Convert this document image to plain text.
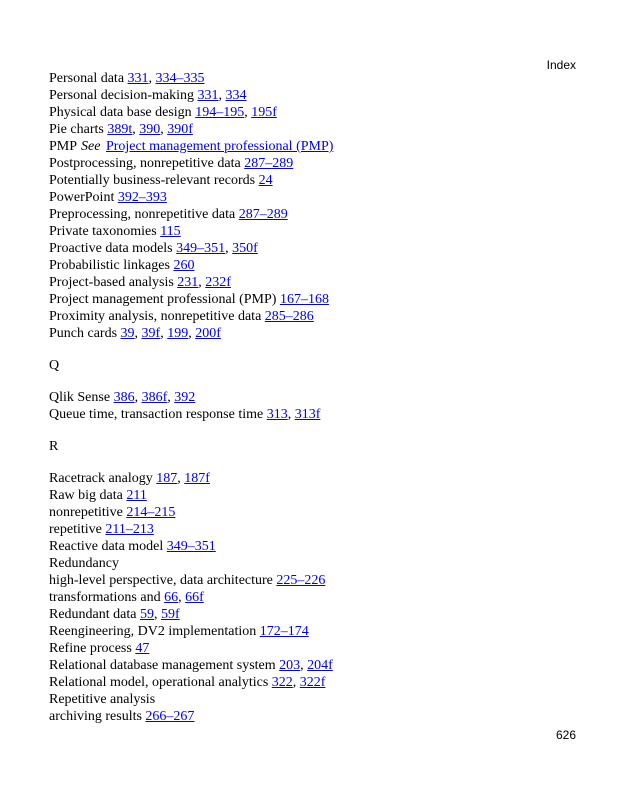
Index
Personal data 331, 334–335
Personal decision-making 331, 334
Physical data base design 194–195, 195f
Pie charts 389t, 390, 390f
PMP See Project management professional (PMP)
Postprocessing, nonrepetitive data 287–289
Potentially business-relevant records 24
PowerPoint 392–393
Preprocessing, nonrepetitive data 287–289
Private taxonomies 115
Proactive data models 349–351, 350f
Probabilistic linkages 260
Project-based analysis 231, 232f
Project management professional (PMP) 167–168
Proximity analysis, nonrepetitive data 285–286
Punch cards 39, 39f, 199, 200f
Q
Qlik Sense 386, 386f, 392
Queue time, transaction response time 313, 313f
R
Racetrack analogy 187, 187f
Raw big data 211
nonrepetitive 214–215
repetitive 211–213
Reactive data model 349–351
Redundancy
high-level perspective, data architecture 225–226
transformations and 66, 66f
Redundant data 59, 59f
Reengineering, DV2 implementation 172–174
Refine process 47
Relational database management system 203, 204f
Relational model, operational analytics 322, 322f
Repetitive analysis
archiving results 266–267
626
